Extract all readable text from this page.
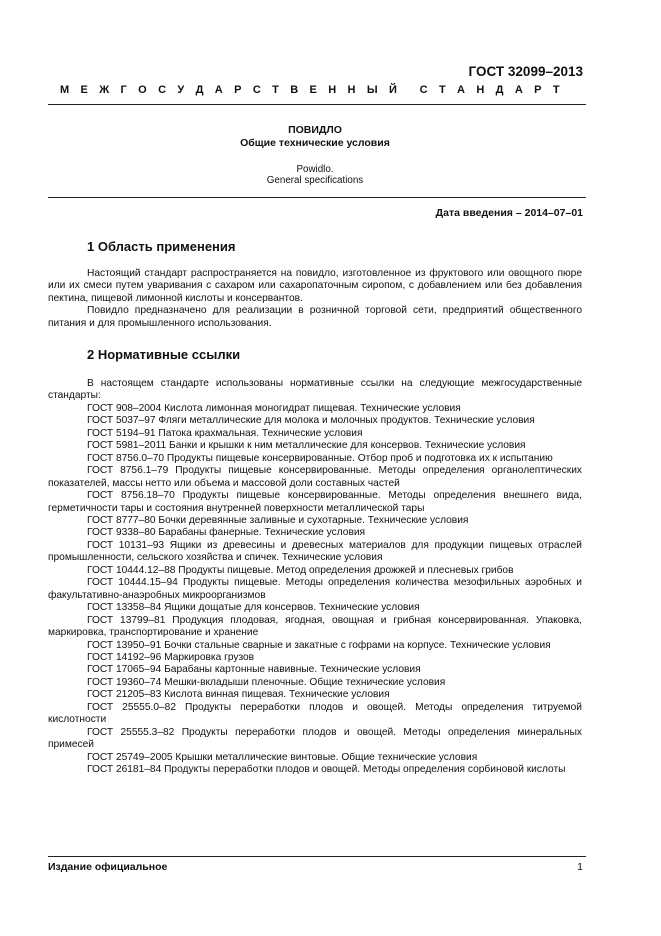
ГОСТ 32099–2013
М Е Ж Г О С У Д А Р С Т В Е Н Н Ы Й С Т А Н Д А Р Т
ПОВИДЛО
Общие технические условия
Powidlo.
General specifications
Дата введения – 2014–07–01
1 Область применения

Настоящий стандарт распространяется на повидло, изготовленное из фруктового или овощного пюре или их смеси путем уваривания с сахаром или сахаропаточным сиропом, с добавлением или без добавления пектина, пищевой лимонной кислоты и консервантов.

Повидло предназначено для реализации в розничной торговой сети, предприятий общественного питания и для промышленного использования.

2 Нормативные ссылки

В настоящем стандарте использованы нормативные ссылки на следующие межгосударственные стандарты:

ГОСТ 908–2004 Кислота лимонная моногидрат пищевая. Технические условия

ГОСТ 5037–97 Фляги металлические для молока и молочных продуктов. Технические условия

ГОСТ 5194–91 Патока крахмальная. Технические условия

ГОСТ 5981–2011 Банки и крышки к ним металлические для консервов. Технические условия

ГОСТ 8756.0–70 Продукты пищевые консервированные. Отбор проб и подготовка их к испытанию

ГОСТ 8756.1–79 Продукты пищевые консервированные. Методы определения органолептических показателей, массы нетто или объема и массовой доли составных частей

ГОСТ 8756.18–70 Продукты пищевые консервированные. Методы определения внешнего вида, герметичности тары и состояния внутренней поверхности металлической тары

ГОСТ 8777–80 Бочки деревянные заливные и сухотарные. Технические условия

ГОСТ 9338–80 Барабаны фанерные. Технические условия

ГОСТ 10131–93 Ящики из древесины и древесных материалов для продукции пищевых отраслей промышленности, сельского хозяйства и спичек. Технические условия

ГОСТ 10444.12–88 Продукты пищевые. Метод определения дрожжей и плесневых грибов

ГОСТ 10444.15–94 Продукты пищевые. Методы определения количества мезофильных аэробных и факультативно-анаэробных микроорганизмов

ГОСТ 13358–84 Ящики дощатые для консервов. Технические условия

ГОСТ 13799–81 Продукция плодовая, ягодная, овощная и грибная консервированная. Упаковка, маркировка, транспортирование и хранение

ГОСТ 13950–91 Бочки стальные сварные и закатные с гофрами на корпусе. Технические условия

ГОСТ 14192–96 Маркировка грузов

ГОСТ 17065–94 Барабаны картонные навивные. Технические условия

ГОСТ 19360–74 Мешки-вкладыши пленочные. Общие технические условия

ГОСТ 21205–83 Кислота винная пищевая. Технические условия

ГОСТ 25555.0–82 Продукты переработки плодов и овощей. Методы определения титруемой кислотности

ГОСТ 25555.3–82 Продукты переработки плодов и овощей. Методы определения минеральных примесей

ГОСТ 25749–2005 Крышки металлические винтовые. Общие технические условия

ГОСТ 26181–84 Продукты переработки плодов и овощей. Методы определения сорбиновой кислоты

Издание официальное	1
